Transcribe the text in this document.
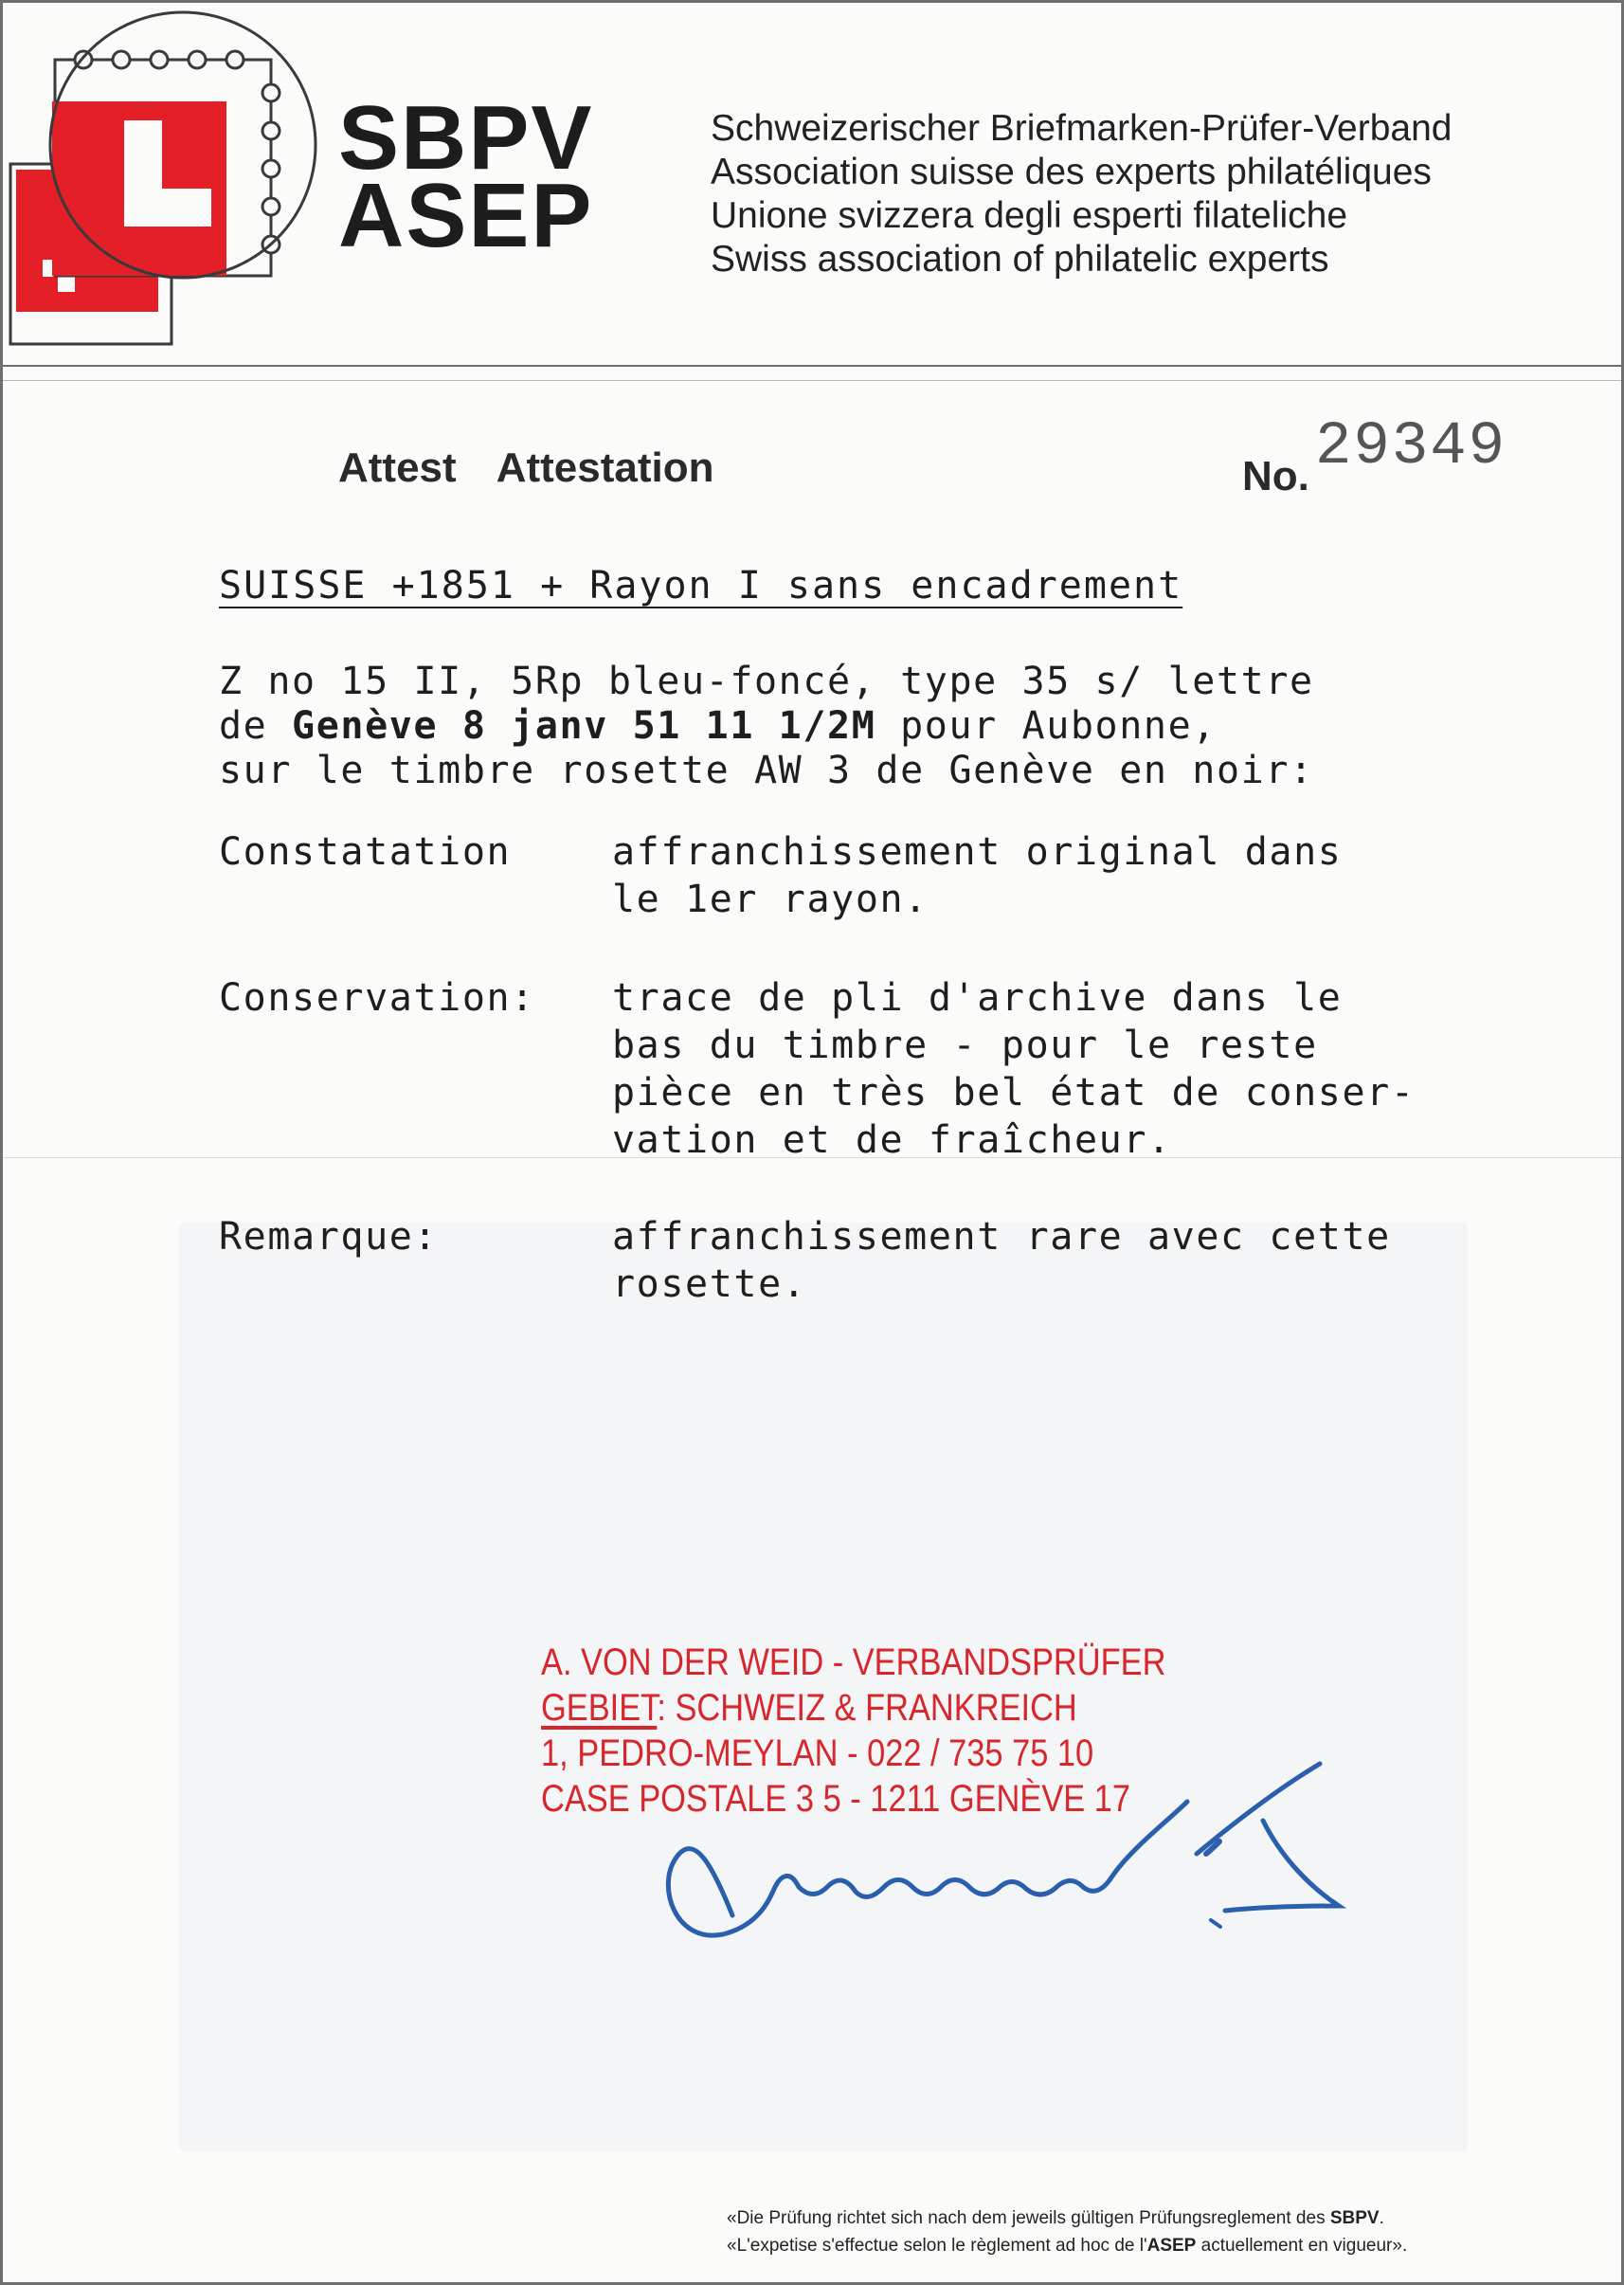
SBPV
ASEP
Schweizerischer Briefmarken-Prüfer-Verband
Association suisse des experts philatéliques
Unione svizzera degli esperti filateliche
Swiss association of philatelic experts
Attest Attestation	No. 29349
SUISSE +1851 + Rayon I sans encadrement
Z no 15 II, 5Rp bleu-foncé, type 35 s/ lettre
de Genève 8 janv 51 11 1/2M pour Aubonne,
sur le timbre rosette AW 3 de Genève en noir:
Constatation	affranchissement original dans
le 1er rayon.
Conservation: trace de pli d'archive dans le
bas du timbre - pour le reste
pièce en très bel état de conser-
vation et de fraîcheur.
Remarque:	affranchissement rare avec cette
rosette.
A. VON DER WEID - VERBANDSPRÜFER
GEBIET: SCHWEIZ & FRANKREICH
1, PEDRO-MEYLAN - 022 / 735 75 10
CASE POSTALE 3 5 - 1211 GENÈVE 17
«Die Prüfung richtet sich nach dem jeweils gültigen Prüfungsreglement des SBPV.
«L'expetise s'effectue selon le règlement ad hoc de l'ASEP actuellement en vigueur».
